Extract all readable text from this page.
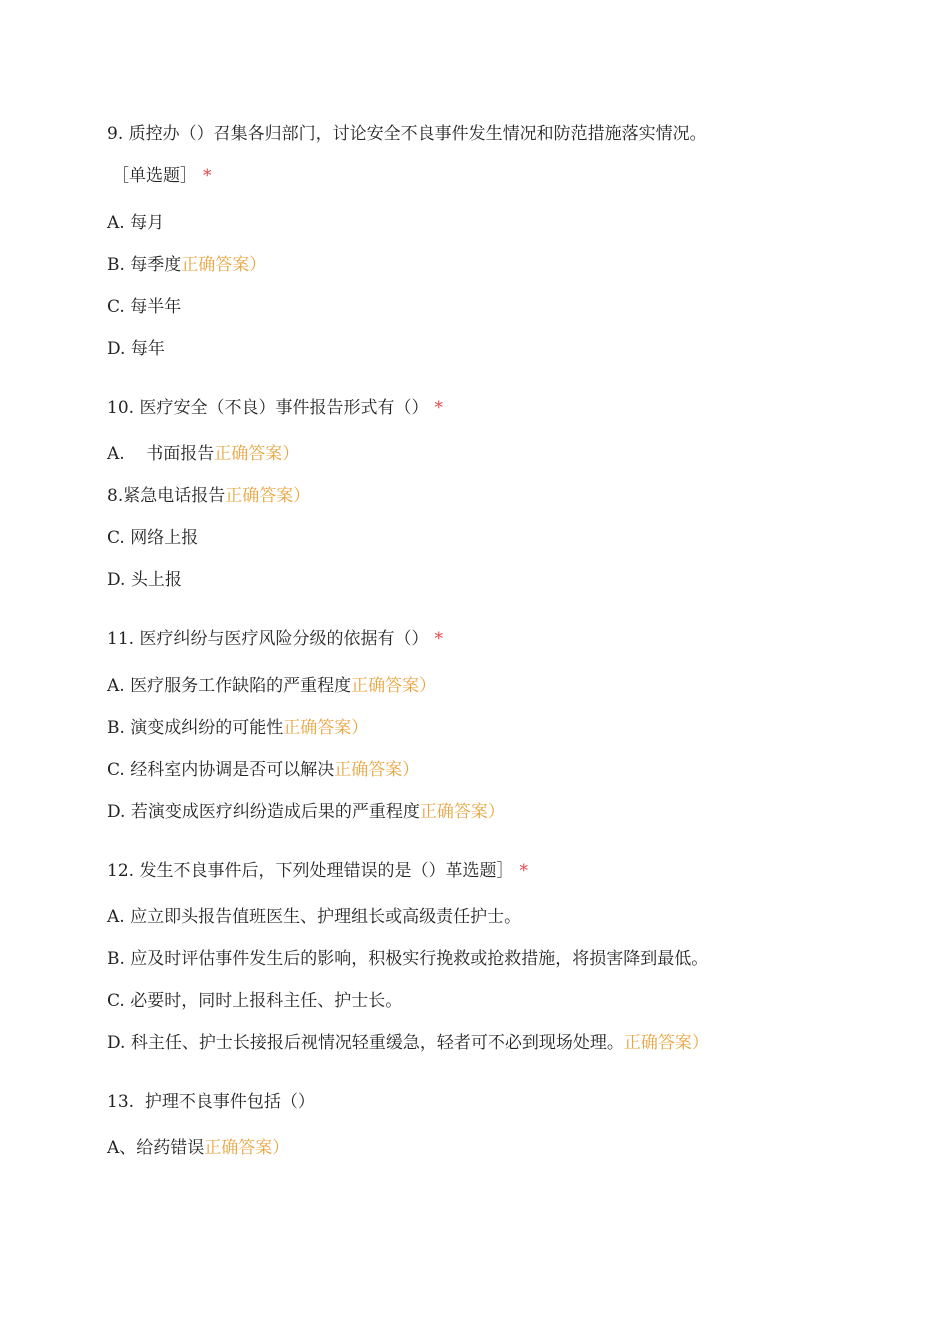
9. 质控办（）召集各归部门，讨论安全不良事件发生情况和防范措施落实情况。
［单选题］ *
A. 每月
B. 每季度正确答案）
C. 每半年
D. 每年
10. 医疗安全（不良）事件报告形式有（） *
A.    书面报告正确答案）
8.紧急电话报告正确答案）
C. 网络上报
D. 头上报
11. 医疗纠纷与医疗风险分级的依据有（） *
A. 医疗服务工作缺陷的严重程度正确答案）
B. 演变成纠纷的可能性正确答案）
C. 经科室内协调是否可以解决正确答案）
D. 若演变成医疗纠纷造成后果的严重程度正确答案）
12. 发生不良事件后，下列处理错误的是（）革选题］ *
A. 应立即头报告值班医生、护理组长或高级责任护士。
B. 应及时评估事件发生后的影响，积极实行挽救或抢救措施，将损害降到最低。
C. 必要时，同时上报科主任、护士长。
D. 科主任、护士长接报后视情况轻重缓急，轻者可不必到现场处理。正确答案）
13.  护理不良事件包括（）
A、给药错误正确答案）
